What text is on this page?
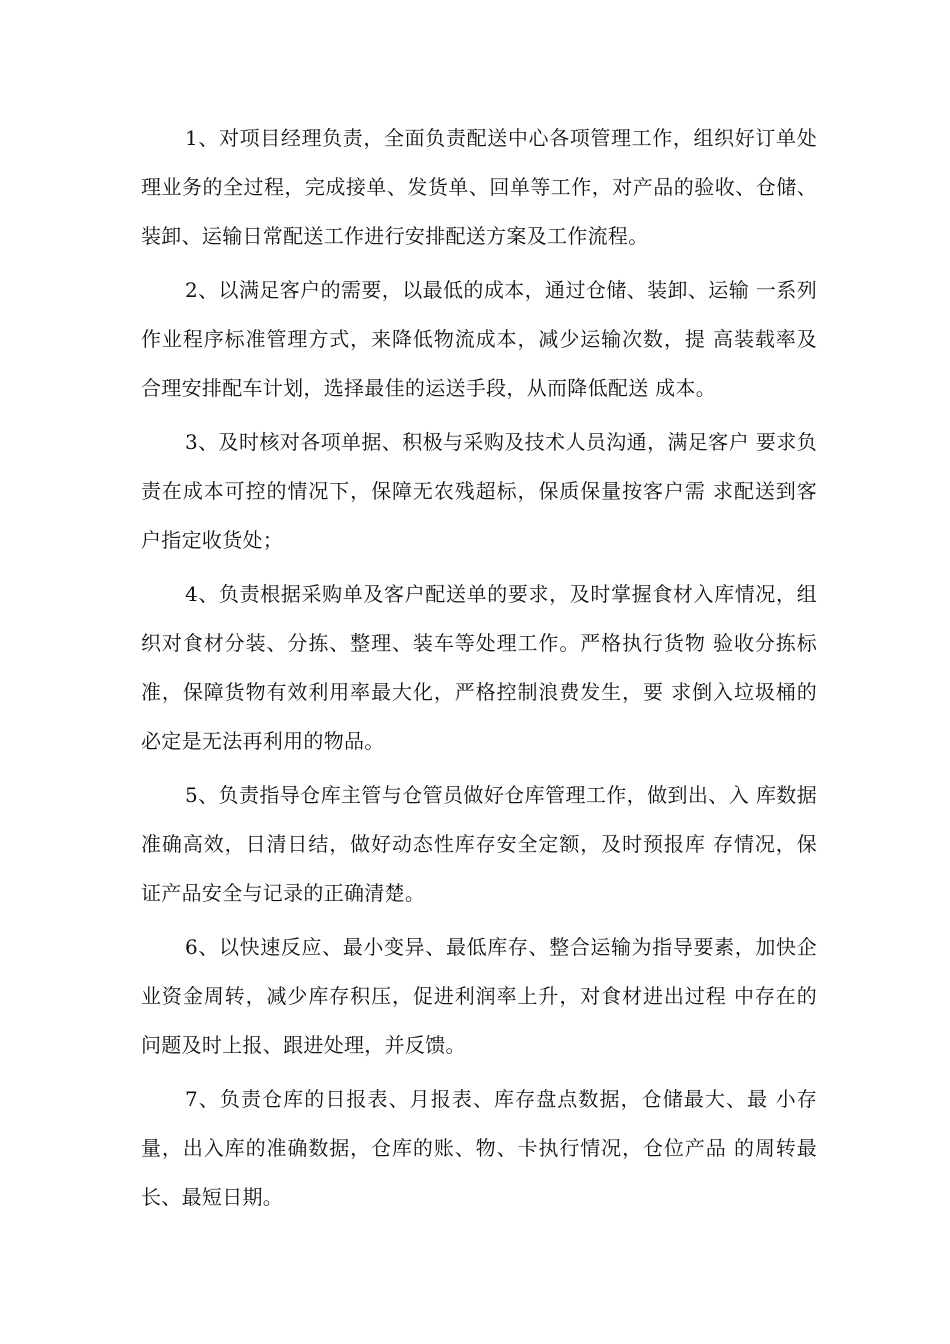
1、对项目经理负责，全面负责配送中心各项管理工作，组织好订单处理业务的全过程，完成接单、发货单、回单等工作，对产品的验收、仓储、装卸、运输日常配送工作进行安排配送方案及工作流程。

2、以满足客户的需要，以最低的成本，通过仓储、装卸、运输 一系列作业程序标准管理方式，来降低物流成本，减少运输次数，提 高装载率及合理安排配车计划，选择最佳的运送手段，从而降低配送 成本。

3、及时核对各项单据、积极与采购及技术人员沟通，满足客户 要求负责在成本可控的情况下，保障无农残超标，保质保量按客户需 求配送到客户指定收货处；

4、负责根据采购单及客户配送单的要求，及时掌握食材入库情况，组织对食材分装、分拣、整理、装车等处理工作。严格执行货物 验收分拣标准，保障货物有效利用率最大化，严格控制浪费发生，要 求倒入垃圾桶的必定是无法再利用的物品。

5、负责指导仓库主管与仓管员做好仓库管理工作，做到出、入 库数据准确高效，日清日结，做好动态性库存安全定额，及时预报库 存情况，保证产品安全与记录的正确清楚。

6、以快速反应、最小变异、最低库存、整合运输为指导要素，加快企业资金周转，减少库存积压，促进利润率上升，对食材进出过程 中存在的问题及时上报、跟进处理，并反馈。

7、负责仓库的日报表、月报表、库存盘点数据，仓储最大、最 小存量，出入库的准确数据，仓库的账、物、卡执行情况，仓位产品 的周转最长、最短日期。
